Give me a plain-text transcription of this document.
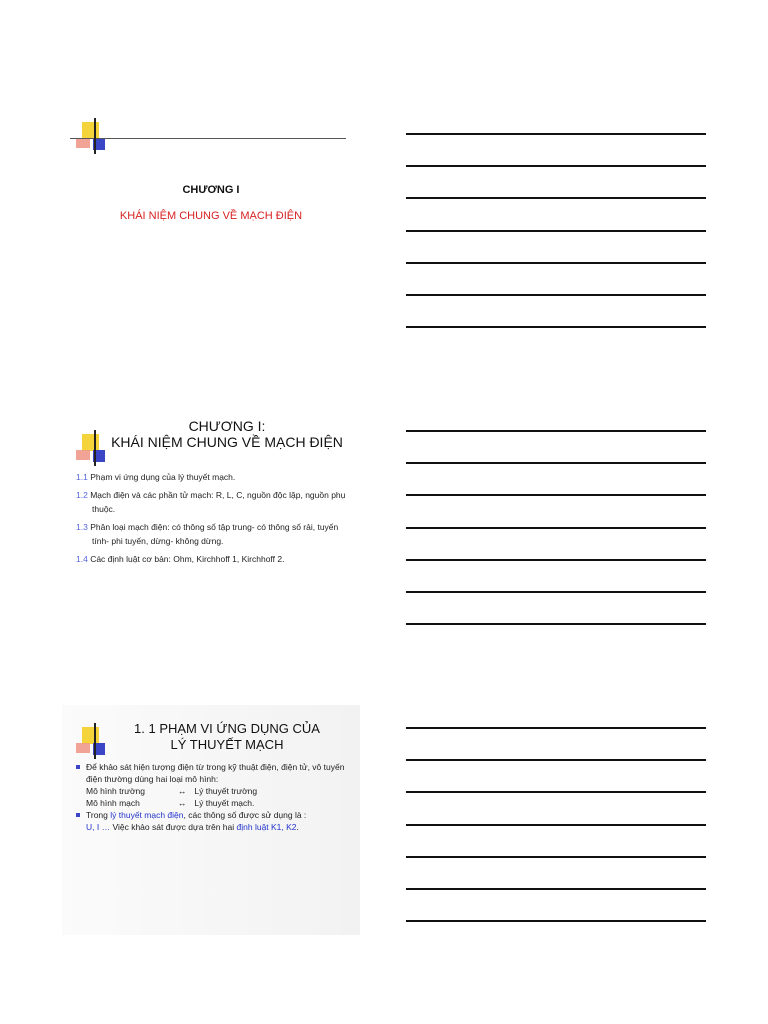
CHƯƠNG I
KHÁI NIỆM CHUNG VỀ MẠCH ĐIỆN
CHƯƠNG I:
KHÁI NIỆM CHUNG VỀ MẠCH ĐIỆN
1.1 Phạm vi ứng dụng của lý thuyết mạch.
1.2 Mạch điện và các phần tử mạch: R, L, C, nguồn độc lập, nguồn phụ thuộc.
1.3 Phân loại mạch điện: có thông số tập trung- có thông số rải, tuyến tính- phi tuyến, dừng- không dừng.
1.4 Các định luật cơ bản: Ohm, Kirchhoff 1, Kirchhoff 2.
1. 1 PHẠM VI ỨNG DỤNG CỦA
LÝ THUYẾT MẠCH
Để khảo sát hiện tượng điện từ trong kỹ thuật điện, điện tử, vô tuyến điện thường dùng hai loại mô hình:
Mô hình trường	↔ Lý thuyết trường
Mô hình mạch	↔ Lý thuyết mạch.
Trong lý thuyết mạch điện, các thông số được sử dụng là :
U, I … Việc khảo sát được dựa trên hai định luật K1, K2.
